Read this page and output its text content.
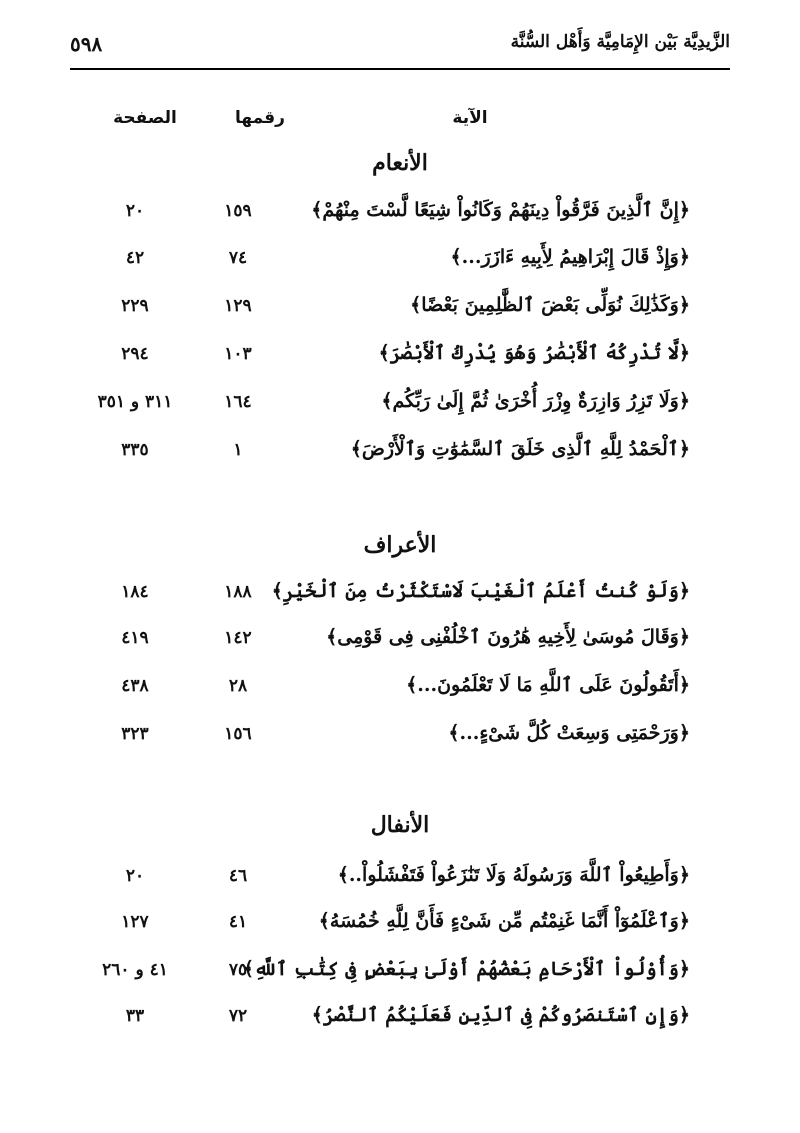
الزَّيدِيَّة بَيْن الإِمَامِيَّة وَأَهْل السُّنَّة
٥٩٨
الآية
رقمها
الصفحة
الأنعام
﴿إِنَّ ٱلَّذِينَ فَرَّقُواْ دِينَهُمْ وَكَانُواْ شِيَعًا لَّسْتَ مِنْهُمْ﴾
١٥٩
٢٠
﴿وَإِذْ قَالَ إِبْرَاهِيمُ لِأَبِيهِ ءَازَرَ...﴾
٧٤
٤٢
﴿وَكَذَٰلِكَ نُوَلِّى بَعْضَ ٱلظَّٰلِمِينَ بَعْضًا﴾
١٢٩
٢٢٩
﴿لَّا تُدْرِكُهُ ٱلْأَبْصَٰرُ وَهُوَ يُدْرِكُ ٱلْأَبْصَٰرَ﴾
١٠٣
٢٩٤
﴿وَلَا تَزِرُ وَازِرَةٌ وِزْرَ أُخْرَىٰ ثُمَّ إِلَىٰ رَبِّكُم﴾
١٦٤
٣١١ و ٣٥١
﴿ٱلْحَمْدُ لِلَّهِ ٱلَّذِى خَلَقَ ٱلسَّمَٰوَٰتِ وَٱلْأَرْضَ﴾
١
٣٣٥
الأعراف
﴿وَلَوْ كُنتُ أَعْلَمُ ٱلْغَيْبَ لَاسْتَكْثَرْتُ مِنَ ٱلْخَيْرِ﴾
١٨٨
١٨٤
﴿وَقَالَ مُوسَىٰ لِأَخِيهِ هَٰرُونَ ٱخْلُفْنِى فِى قَوْمِى﴾
١٤٢
٤١٩
﴿أَتَقُولُونَ عَلَى ٱللَّهِ مَا لَا تَعْلَمُونَ...﴾
٢٨
٤٣٨
﴿وَرَحْمَتِى وَسِعَتْ كُلَّ شَىْءٍ...﴾
١٥٦
٣٢٣
الأنفال
﴿وَأَطِيعُواْ ٱللَّهَ وَرَسُولَهُ وَلَا تَنَٰزَعُواْ فَتَفْشَلُواْ..﴾
٤٦
٢٠
﴿وَٱعْلَمُوٓاْ أَنَّمَا غَنِمْتُم مِّن شَىْءٍ فَأَنَّ لِلَّهِ خُمُسَهُ﴾
٤١
١٢٧
﴿وَأُوْلُواْ ٱلْأَرْحَامِ بَعْضُهُمْ أَوْلَىٰ بِبَعْضٍ فِى كِتَٰبِ ٱللَّهِ﴾
٧٥
٤١ و ٢٦٠
﴿وَإِنِ ٱسْتَنصَرُوكُمْ فِى ٱلدِّينِ فَعَلَيْكُمُ ٱلنَّصْرُ﴾
٧٢
٣٣
